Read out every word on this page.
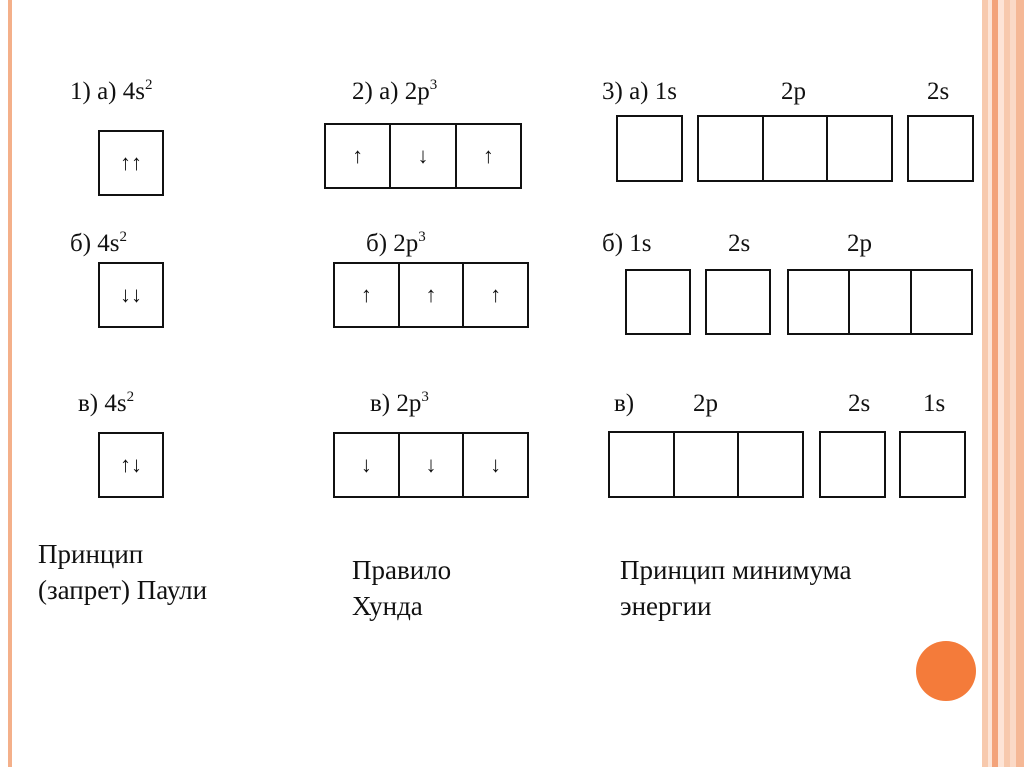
1) а) $4s^2$
↑↑
б) $4s^2$
↓↓
в) $4s^2$
↑↓
Принцип
(запрет) Паули
2) а) $2p^3$
↑	↓	↑
б) $2p^3$
↑	↑	↑
в) $2p^3$
↓	↓	↓
Правило
Хунда
3) а) 1s	2p	2s
б) 1s	2s	2p
в) 2p	2s 1s
Принцип минимума
энергии
